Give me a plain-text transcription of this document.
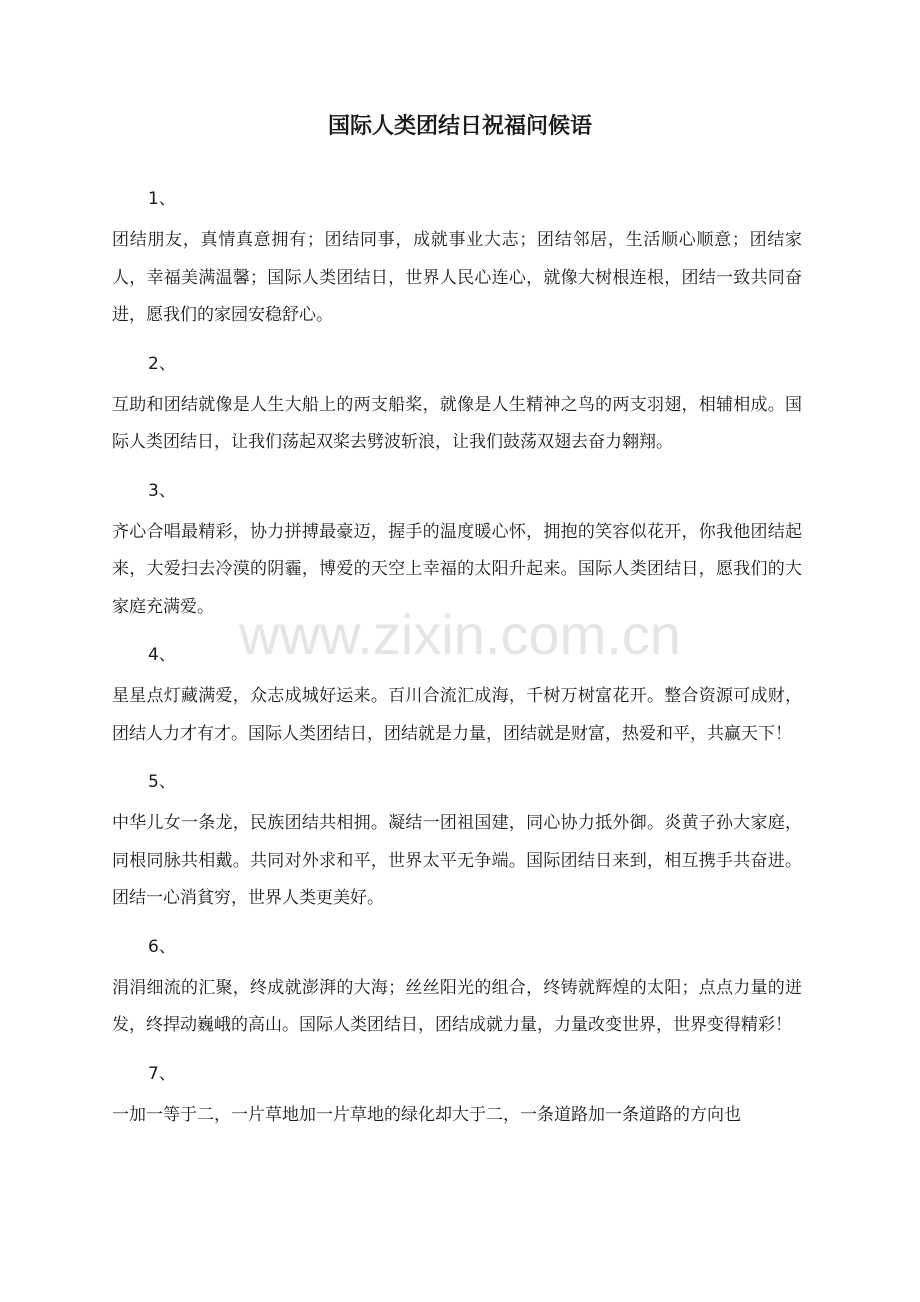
国际人类团结日祝福问候语
1、

团结朋友，真情真意拥有；团结同事，成就事业大志；团结邻居，生活顺心顺意；团结家人，幸福美满温馨；国际人类团结日，世界人民心连心，就像大树根连根，团结一致共同奋进，愿我们的家园安稳舒心。

2、

互助和团结就像是人生大船上的两支船桨，就像是人生精神之鸟的两支羽翅，相辅相成。国际人类团结日，让我们荡起双桨去劈波斩浪，让我们鼓荡双翅去奋力翱翔。

3、

齐心合唱最精彩，协力拼搏最豪迈，握手的温度暖心怀，拥抱的笑容似花开，你我他团结起来，大爱扫去冷漠的阴霾，博爱的天空上幸福的太阳升起来。国际人类团结日，愿我们的大家庭充满爱。

4、

星星点灯藏满爱，众志成城好运来。百川合流汇成海，千树万树富花开。整合资源可成财，团结人力才有才。国际人类团结日，团结就是力量，团结就是财富，热爱和平，共赢天下！

5、

中华儿女一条龙，民族团结共相拥。凝结一团祖国建，同心协力抵外御。炎黄子孙大家庭，同根同脉共相戴。共同对外求和平，世界太平无争端。国际团结日来到，相互携手共奋进。团结一心消貧穷，世界人类更美好。

6、

涓涓细流的汇聚，终成就澎湃的大海；丝丝阳光的组合，终铸就辉煌的太阳；点点力量的迸发，终捍动巍峨的高山。国际人类团结日，团结成就力量，力量改变世界，世界变得精彩！

7、

一加一等于二，一片草地加一片草地的绿化却大于二，一条道路加一条道路的方向也

www.zixin.com.cn
